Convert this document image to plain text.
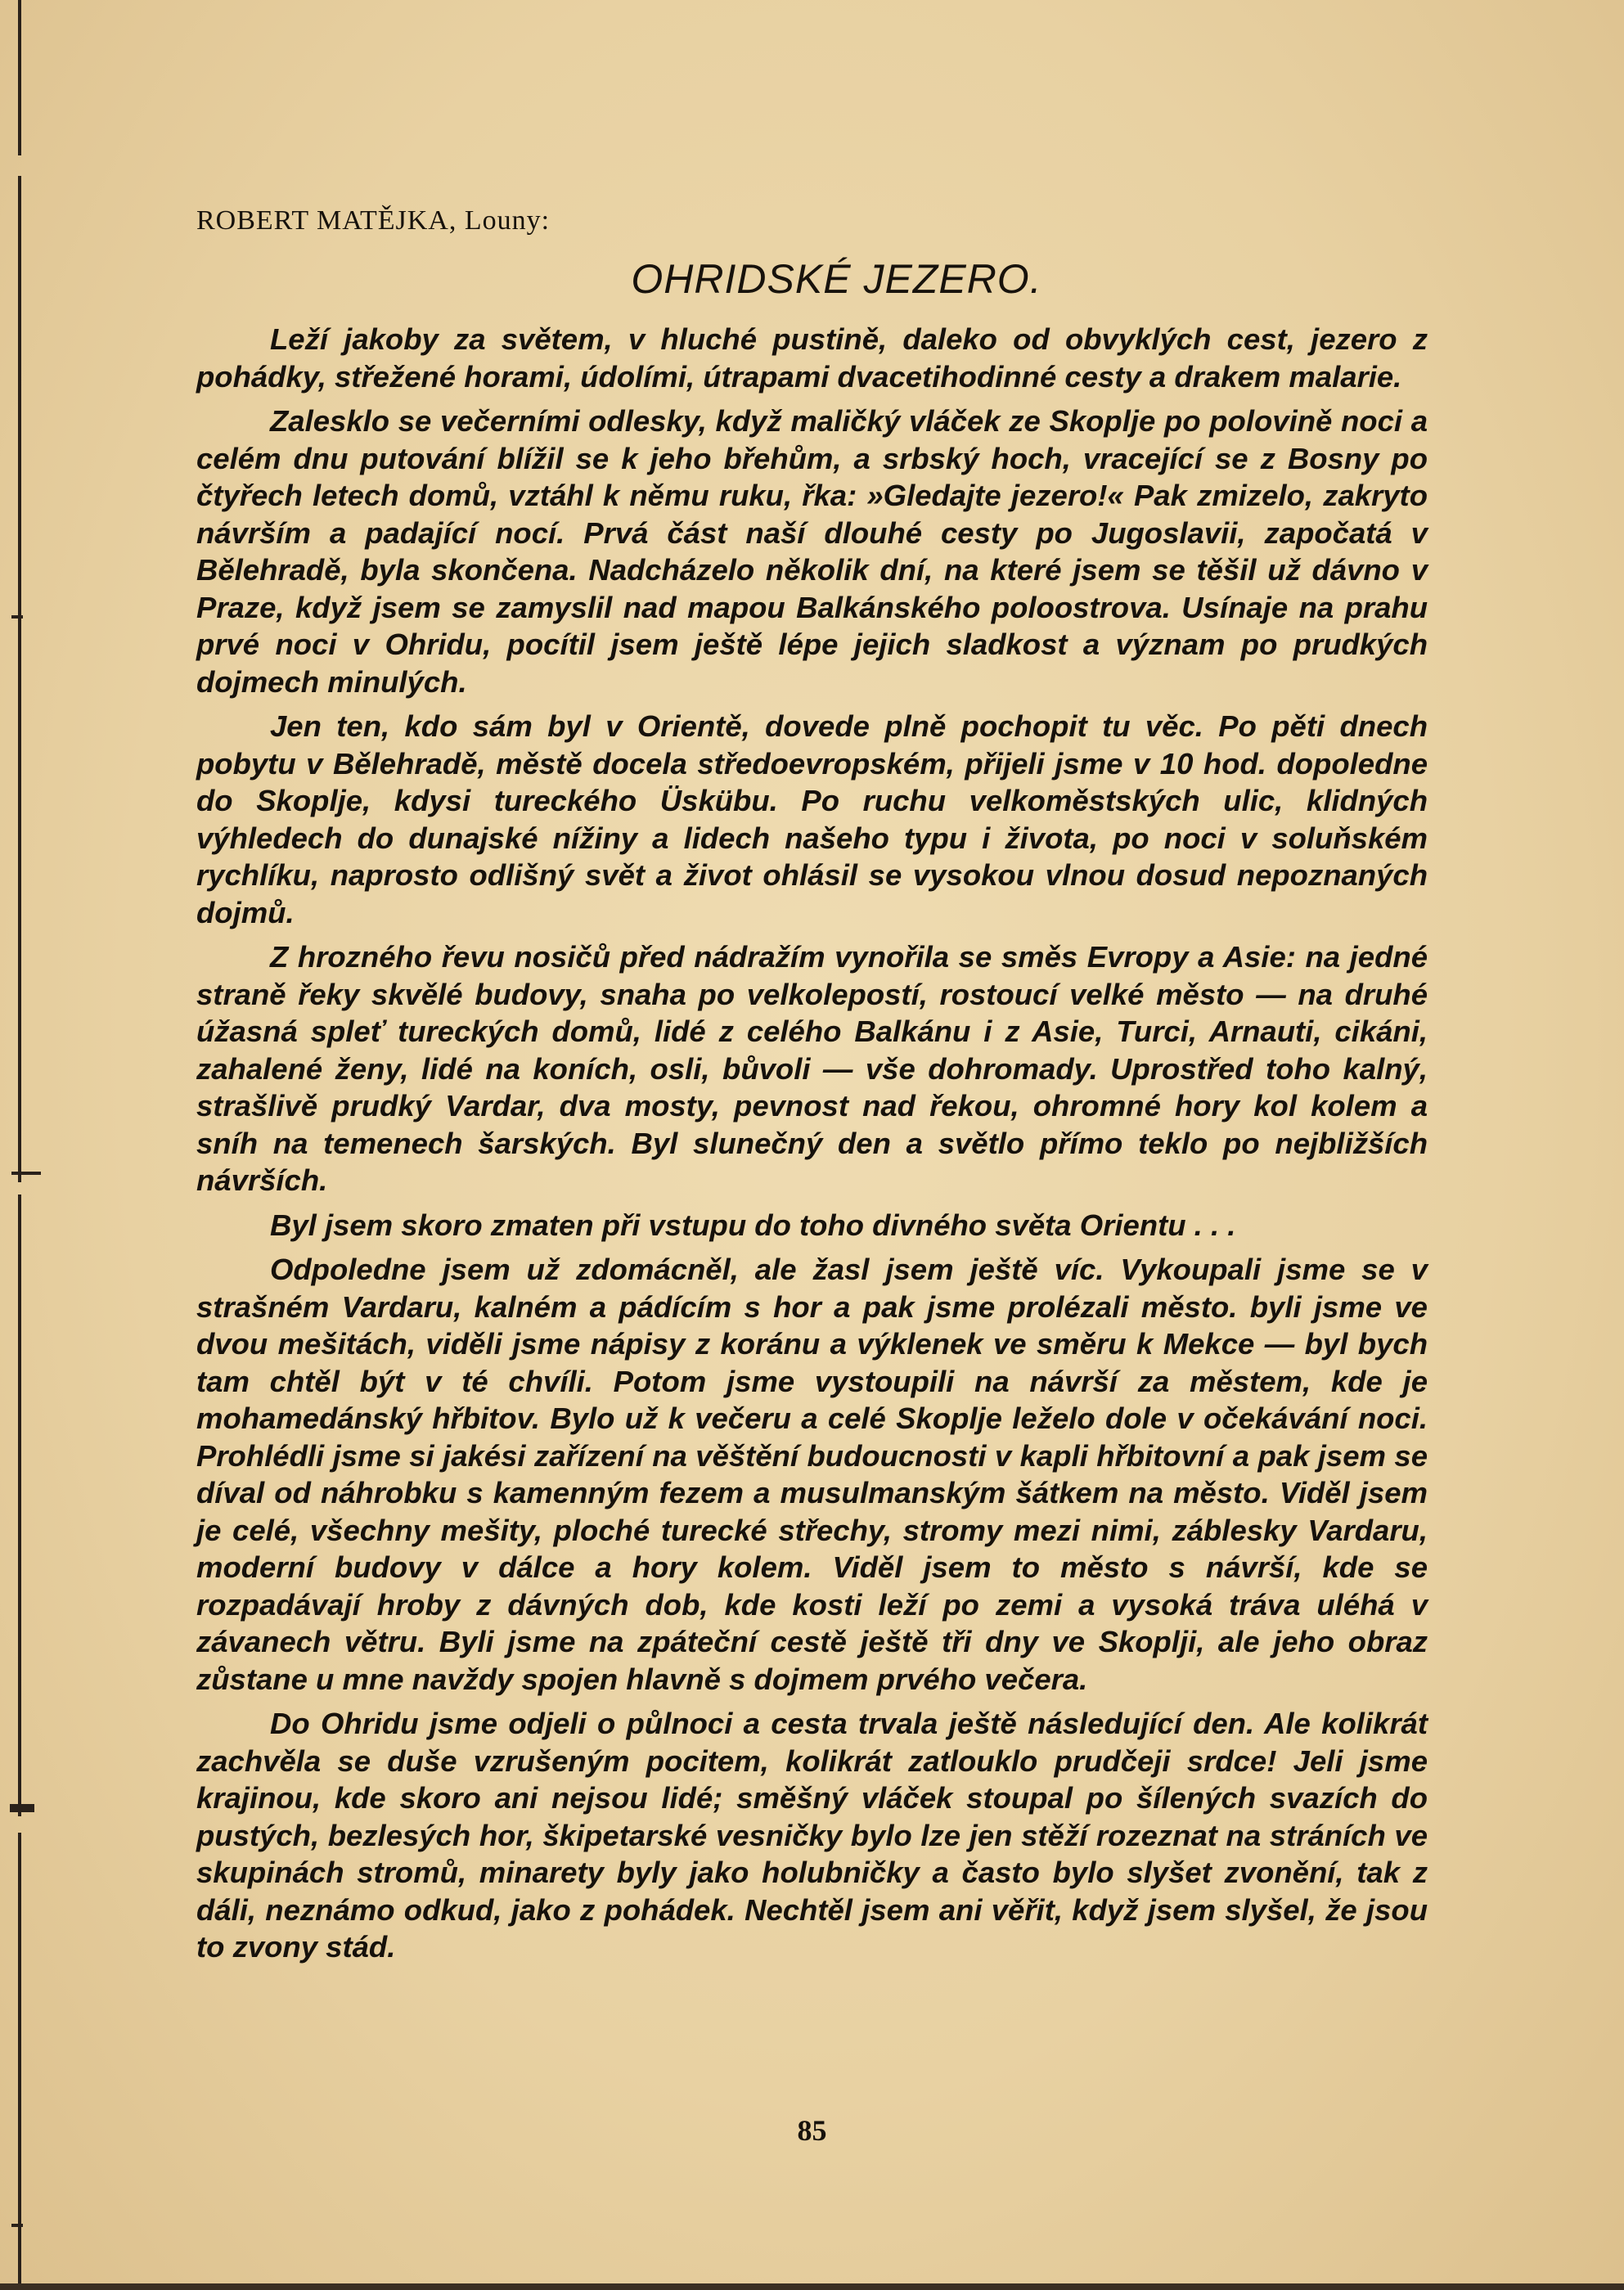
ROBERT MATĚJKA, Louny:
OHRIDSKÉ JEZERO.

Leží jakoby za světem, v hluché pustině, daleko od obvyklých cest, jezero z pohádky, střežené horami, údolími, útrapami dvacetihodinné cesty a drakem malarie.

Zalesklo se večerními odlesky, když maličký vláček ze Skoplje po polovině noci a celém dnu putování blížil se k jeho břehům, a srbský hoch, vracející se z Bosny po čtyřech letech domů, vztáhl k němu ruku, řka: »Gledajte jezero!« Pak zmizelo, zakryto návrším a padající nocí. Prvá část naší dlouhé cesty po Jugoslavii, započatá v Bělehradě, byla skončena. Nadcházelo několik dní, na které jsem se těšil už dávno v Praze, když jsem se zamyslil nad mapou Balkánského poloostrova. Usínaje na prahu prvé noci v Ohridu, pocítil jsem ještě lépe jejich sladkost a význam po prudkých dojmech minulých.

Jen ten, kdo sám byl v Orientě, dovede plně pochopit tu věc. Po pěti dnech pobytu v Bělehradě, městě docela středoevropském, přijeli jsme v 10 hod. dopoledne do Skoplje, kdysi tureckého Üskübu. Po ruchu velkoměstských ulic, klidných výhledech do dunajské nížiny a lidech našeho typu i života, po noci v soluňském rychlíku, naprosto odlišný svět a život ohlásil se vysokou vlnou dosud nepoznaných dojmů.

Z hrozného řevu nosičů před nádražím vynořila se směs Evropy a Asie: na jedné straně řeky skvělé budovy, snaha po velkolepostí, rostoucí velké město — na druhé úžasná spleť tureckých domů, lidé z celého Balkánu i z Asie, Turci, Arnauti, cikáni, zahalené ženy, lidé na koních, osli, bůvoli — vše dohromady. Uprostřed toho kalný, strašlivě prudký Vardar, dva mosty, pevnost nad řekou, ohromné hory kol kolem a sníh na temenech šarských. Byl slunečný den a světlo přímo teklo po nejbližších návrších.

Byl jsem skoro zmaten při vstupu do toho divného světa Orientu . . .

Odpoledne jsem už zdomácněl, ale žasl jsem ještě víc. Vykoupali jsme se v strašném Vardaru, kalném a pádícím s hor a pak jsme prolézali město. byli jsme ve dvou mešitách, viděli jsme nápisy z koránu a výklenek ve směru k Mekce — byl bych tam chtěl být v té chvíli. Potom jsme vystoupili na návrší za městem, kde je mohamedánský hřbitov. Bylo už k večeru a celé Skoplje leželo dole v očekávání noci. Prohlédli jsme si jakési zařízení na věštění budoucnosti v kapli hřbitovní a pak jsem se díval od náhrobku s kamenným fezem a musulmanským šátkem na město. Viděl jsem je celé, všechny mešity, ploché turecké střechy, stromy mezi nimi, záblesky Vardaru, moderní budovy v dálce a hory kolem. Viděl jsem to město s návrší, kde se rozpadávají hroby z dávných dob, kde kosti leží po zemi a vysoká tráva uléhá v závanech větru. Byli jsme na zpáteční cestě ještě tři dny ve Skoplji, ale jeho obraz zůstane u mne navždy spojen hlavně s dojmem prvého večera.

Do Ohridu jsme odjeli o půlnoci a cesta trvala ještě následující den. Ale kolikrát zachvěla se duše vzrušeným pocitem, kolikrát zatlouklo prudčeji srdce! Jeli jsme krajinou, kde skoro ani nejsou lidé; směšný vláček stoupal po šílených svazích do pustých, bezlesých hor, škipetarské vesničky bylo lze jen stěží rozeznat na stráních ve skupinách stromů, minarety byly jako holubničky a často bylo slyšet zvonění, tak z dáli, neznámo odkud, jako z pohádek. Nechtěl jsem ani věřit, když jsem slyšel, že jsou to zvony stád.

85
